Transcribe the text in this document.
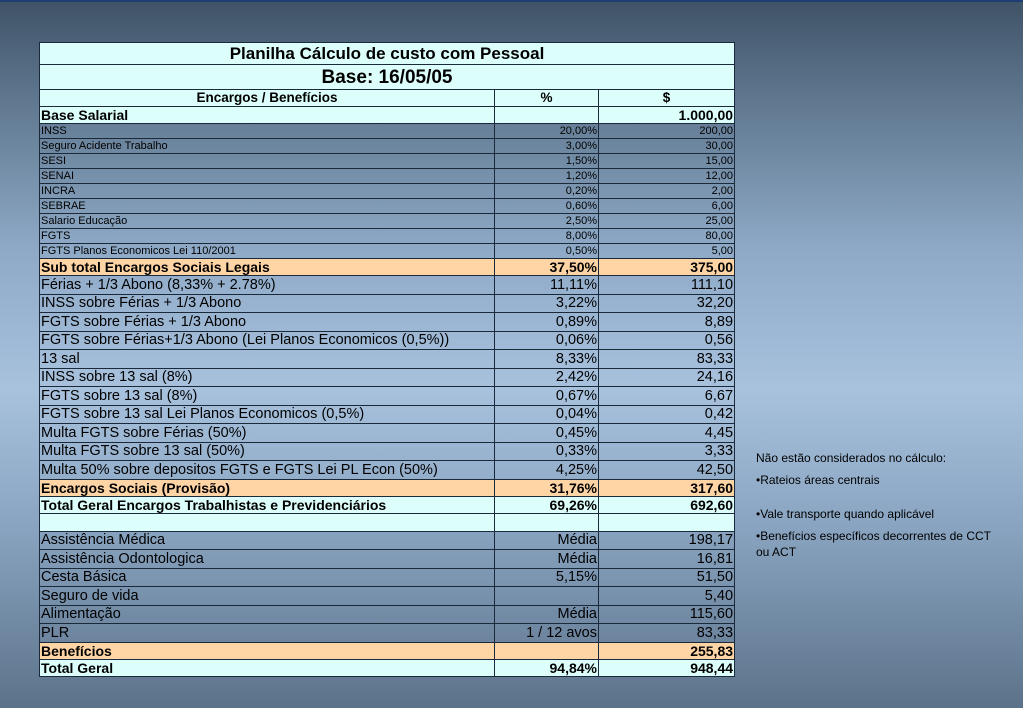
Planilha Cálculo de custo com Pessoal		
Base: 16/05/05		
Encargos / Benefícios	%	$
Base Salarial		1.000,00
INSS	20,00%	200,00
Seguro Acidente Trabalho	3,00%	30,00
SESI	1,50%	15,00
SENAI	1,20%	12,00
INCRA	0,20%	2,00
SEBRAE	0,60%	6,00
Salario Educação	2,50%	25,00
FGTS	8,00%	80,00
FGTS Planos Economicos Lei 110/2001	0,50%	5,00
Sub total Encargos Sociais Legais	37,50%	375,00
Férias + 1/3 Abono (8,33% + 2.78%)	11,11%	111,10
INSS sobre Férias + 1/3 Abono	3,22%	32,20
FGTS sobre Férias + 1/3 Abono	0,89%	8,89
FGTS sobre Férias+1/3 Abono (Lei Planos Economicos (0,5%))	0,06%	0,56
13 sal	8,33%	83,33
INSS sobre 13 sal (8%)	2,42%	24,16
FGTS sobre 13 sal (8%)	0,67%	6,67
FGTS sobre 13 sal Lei Planos Economicos (0,5%)	0,04%	0,42
Multa FGTS sobre Férias (50%)	0,45%	4,45
Multa FGTS sobre 13 sal (50%)	0,33%	3,33
Multa 50% sobre depositos FGTS e FGTS Lei PL Econ (50%)	4,25%	42,50
Encargos Sociais (Provisão)	31,76%	317,60
Total Geral Encargos Trabalhistas e Previdenciários	69,26%	692,60

Assistência Médica	Média	198,17
Assistência Odontologica	Média	16,81
Cesta Básica	5,15%	51,50
Seguro de vida		5,40
Alimentação	Média	115,60
PLR	1 / 12 avos	83,33
Benefícios		255,83
Total Geral	94,84%	948,44

Não estão considerados no cálculo:

•Rateios áreas centrais

•Vale transporte quando aplicável

•Benefícios específicos decorrentes de CCT ou ACT
